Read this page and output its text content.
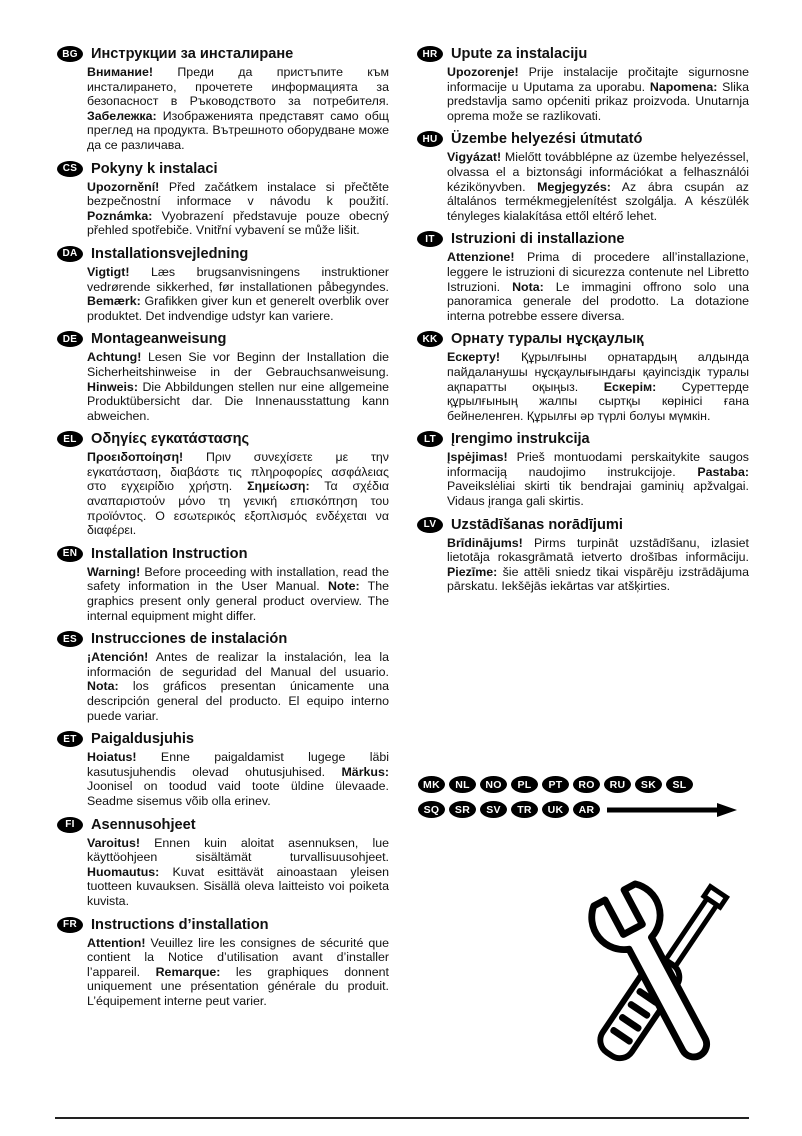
BG Инструкции за инсталиране

Внимание! Преди да пристъпите към инсталирането, прочетете информацията за безопасност в Ръководството за потребителя. Забележка: Изображенията представят само общ преглед на продукта. Вътрешното оборудване може да се различава.

CS Pokyny k instalaci

Upozornění! Před začátkem instalace si přečtěte bezpečnostní informace v návodu k použití. Poznámka: Vyobrazení představuje pouze obecný přehled spotřebiče. Vnitřní vybavení se může lišit.

DA Installationsvejledning

Vigtigt! Læs brugsanvisningens instruktioner vedrørende sikkerhed, før installationen påbegyndes. Bemærk: Grafikken giver kun et generelt overblik over produktet. Det indvendige udstyr kan variere.

DE Montageanweisung

Achtung! Lesen Sie vor Beginn der Installation die Sicherheitshinweise in der Gebrauchsanweisung. Hinweis: Die Abbildungen stellen nur eine allgemeine Produktübersicht dar. Die Innenausstattung kann abweichen.

EL Οδηγίες εγκατάστασης

Προειδοποίηση! Πριν συνεχίσετε με την εγκατάσταση, διαβάστε τις πληροφορίες ασφάλειας στο εγχειρίδιο χρήστη. Σημείωση: Τα σχέδια αναπαριστούν μόνο τη γενική επισκόπηση του προϊόντος. Ο εσωτερικός εξοπλισμός ενδέχεται να διαφέρει.

EN Installation Instruction

Warning! Before proceeding with installation, read the safety information in the User Manual. Note: The graphics present only general product overview. The internal equipment might differ.

ES Instrucciones de instalación

¡Atención! Antes de realizar la instalación, lea la información de seguridad del Manual del usuario. Nota: los gráficos presentan únicamente una descripción general del producto. El equipo interno puede variar.

ET Paigaldusjuhis

Hoiatus! Enne paigaldamist lugege läbi kasutusjuhendis olevad ohutusjuhised. Märkus: Joonisel on toodud vaid toote üldine ülevaade. Seadme sisemus võib olla erinev.

FI	Asennusohjeet

Varoitus! Ennen kuin aloitat asennuksen, lue käyttöohjeen sisältämät turvallisuusohjeet. Huomautus: Kuvat esittävät ainoastaan yleisen tuotteen kuvauksen. Sisällä oleva laitteisto voi poiketa kuvista.

FR Instructions d’installation

Attention! Veuillez lire les consignes de sécurité que contient la Notice d’utilisation avant d’installer l’appareil. Remarque: les graphiques donnent uniquement une présentation générale du produit. L’équipement interne peut varier.

HR Upute za instalaciju

Upozorenje! Prije instalacije pročitajte sigurnosne informacije u Uputama za uporabu. Napomena: Slika predstavlja samo općeniti prikaz proizvoda. Unutarnja oprema može se razlikovati.

HU Üzembe helyezési útmutató

Vigyázat! Mielőtt továbblépne az üzembe helyezéssel, olvassa el a biztonsági információkat a felhasználói kézikönyvben. Megjegyzés: Az ábra csupán az általános termékmegjelenítést szolgálja. A készülék tényleges kialakítása ettől eltérő lehet.

IT	Istruzioni di installazione

Attenzione! Prima di procedere all’installazione, leggere le istruzioni di sicurezza contenute nel Libretto Istruzioni. Nota: Le immagini offrono solo una panoramica generale del prodotto. La dotazione interna potrebbe essere diversa.

KK Орнату туралы нұсқаулық

Ескерту! Құрылғыны орнатардың алдында пайдаланушы нұсқаулығындағы қауіпсіздік туралы ақпаратты оқыңыз. Ескерім: Суреттерде құрылғының жалпы сыртқы көрінісі ғана бейнеленген. Құрылғы әр түрлі болуы мүмкін.

LT	Įrengimo instrukcija

Įspėjimas! Prieš montuodami perskaitykite saugos informaciją naudojimo instrukcijoje. Pastaba: Paveikslėliai skirti tik bendrajai gaminių apžvalgai. Vidaus įranga gali skirtis.

LV	Uzstādīšanas norādījumi

Brīdinājums! Pirms turpināt uzstādīšanu, izlasiet lietotāja rokasgrāmatā ietverto drošības informāciju. Piezīme: šie attēli sniedz tikai vispārēju izstrādājuma pārskatu. Iekšējās iekārtas var atšķirties.

MK	NL	NO	PL	PT	RO	RU	SK	SL
SQ	SR	SV	TR	UK	AR
